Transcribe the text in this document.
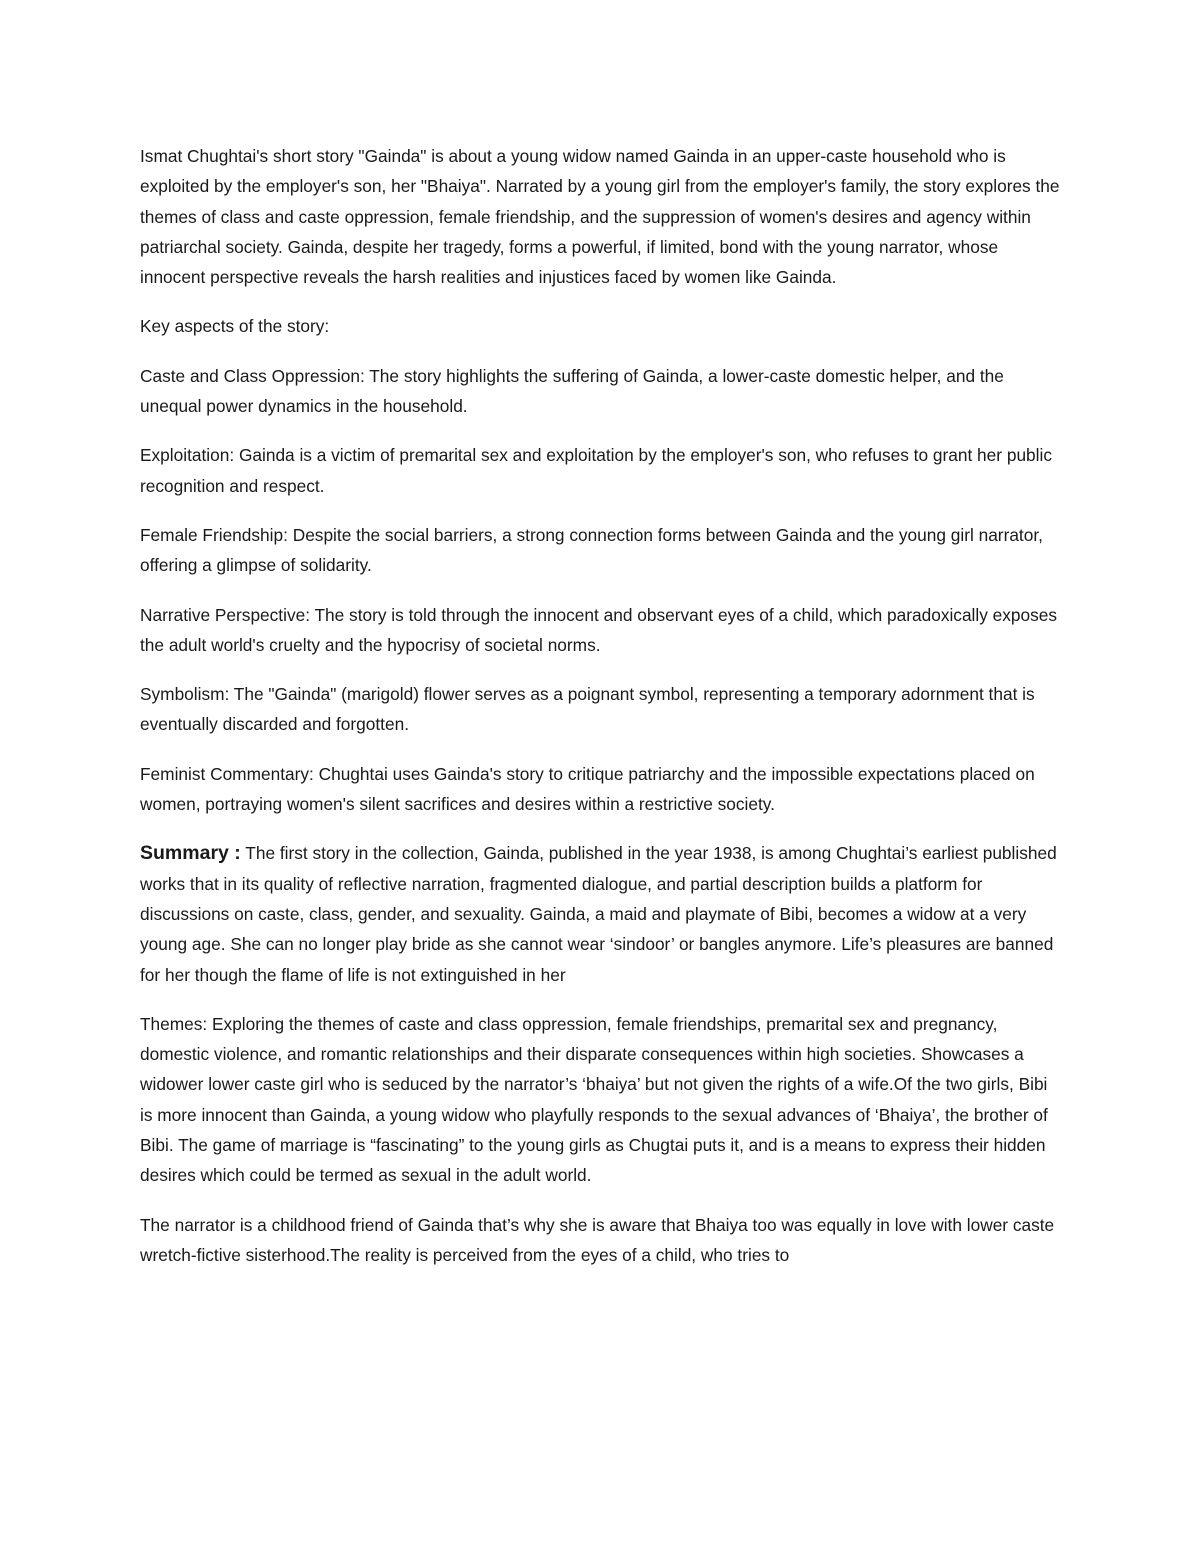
Ismat Chughtai's short story "Gainda" is about a young widow named Gainda in an upper-caste household who is exploited by the employer's son, her "Bhaiya". Narrated by a young girl from the employer's family, the story explores the themes of class and caste oppression, female friendship, and the suppression of women's desires and agency within patriarchal society. Gainda, despite her tragedy, forms a powerful, if limited, bond with the young narrator, whose innocent perspective reveals the harsh realities and injustices faced by women like Gainda.

Key aspects of the story:

Caste and Class Oppression: The story highlights the suffering of Gainda, a lower-caste domestic helper, and the unequal power dynamics in the household.

Exploitation: Gainda is a victim of premarital sex and exploitation by the employer's son, who refuses to grant her public recognition and respect.

Female Friendship: Despite the social barriers, a strong connection forms between Gainda and the young girl narrator, offering a glimpse of solidarity.

Narrative Perspective: The story is told through the innocent and observant eyes of a child, which paradoxically exposes the adult world's cruelty and the hypocrisy of societal norms.

Symbolism: The "Gainda" (marigold) flower serves as a poignant symbol, representing a temporary adornment that is eventually discarded and forgotten.

Feminist Commentary: Chughtai uses Gainda's story to critique patriarchy and the impossible expectations placed on women, portraying women's silent sacrifices and desires within a restrictive society.

Summary : The first story in the collection, Gainda, published in the year 1938, is among Chughtai’s earliest published works that in its quality of reflective narration, fragmented dialogue, and partial description builds a platform for discussions on caste, class, gender, and sexuality. Gainda, a maid and playmate of Bibi, becomes a widow at a very young age. She can no longer play bride as she cannot wear ‘sindoor’ or bangles anymore. Life’s pleasures are banned for her though the flame of life is not extinguished in her

Themes: Exploring the themes of caste and class oppression, female friendships, premarital sex and pregnancy, domestic violence, and romantic relationships and their disparate consequences within high societies. Showcases a widower lower caste girl who is seduced by the narrator’s ‘bhaiya’ but not given the rights of a wife.Of the two girls, Bibi is more innocent than Gainda, a young widow who playfully responds to the sexual advances of ‘Bhaiya’, the brother of Bibi. The game of marriage is “fascinating” to the young girls as Chugtai puts it, and is a means to express their hidden desires which could be termed as sexual in the adult world.

The narrator is a childhood friend of Gainda that’s why she is aware that Bhaiya too was equally in love with lower caste wretch-fictive sisterhood.The reality is perceived from the eyes of a child, who tries to
